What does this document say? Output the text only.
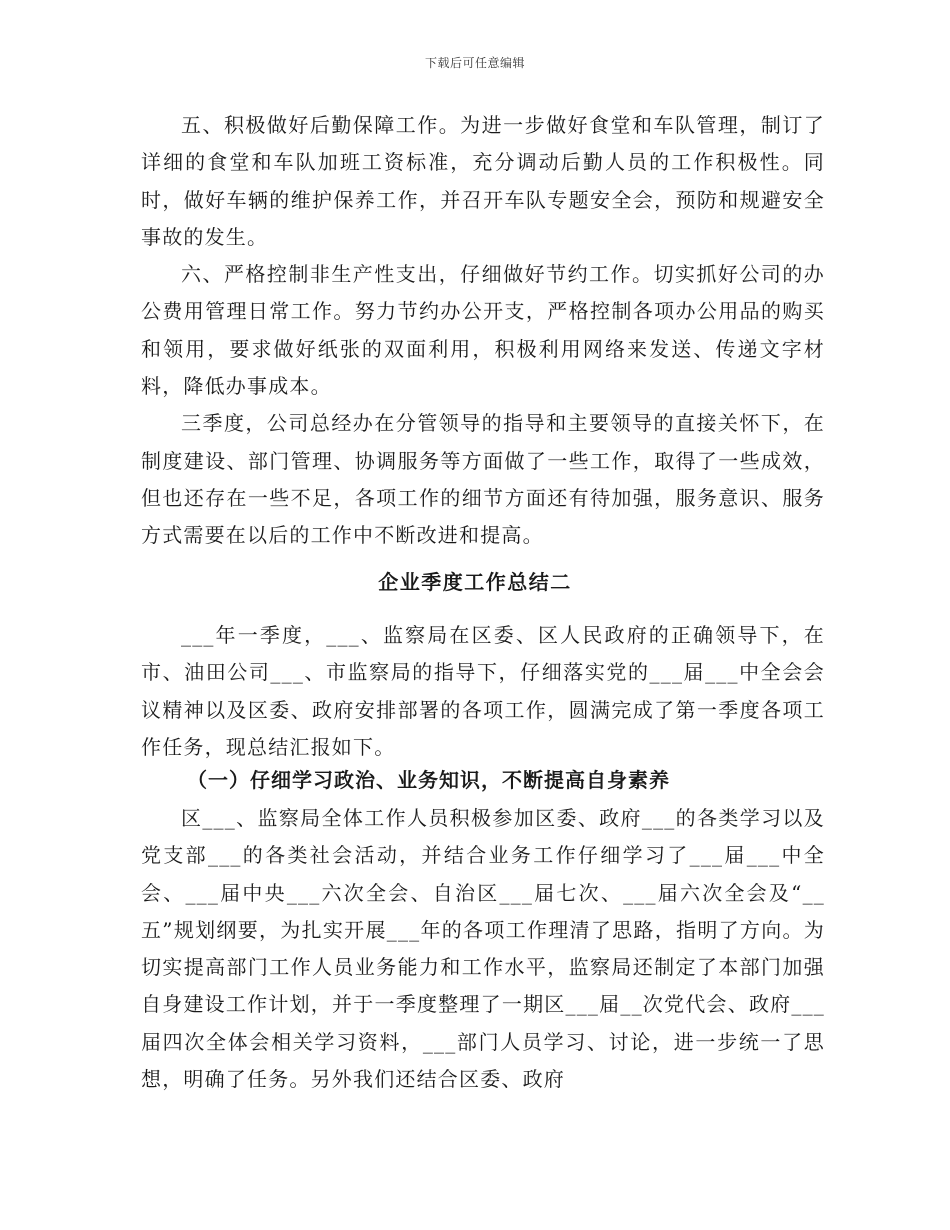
下载后可任意编辑

五、积极做好后勤保障工作。为进一步做好食堂和车队管理，制订了详细的食堂和车队加班工资标准，充分调动后勤人员的工作积极性。同时，做好车辆的维护保养工作，并召开车队专题安全会，预防和规避安全事故的发生。

六、严格控制非生产性支出，仔细做好节约工作。切实抓好公司的办公费用管理日常工作。努力节约办公开支，严格控制各项办公用品的购买和领用，要求做好纸张的双面利用，积极利用网络来发送、传递文字材料，降低办事成本。

三季度，公司总经办在分管领导的指导和主要领导的直接关怀下，在制度建设、部门管理、协调服务等方面做了一些工作，取得了一些成效，但也还存在一些不足，各项工作的细节方面还有待加强，服务意识、服务方式需要在以后的工作中不断改进和提高。

企业季度工作总结二

___年一季度，___、监察局在区委、区人民政府的正确领导下，在市、油田公司___、市监察局的指导下，仔细落实党的___届___中全会会议精神以及区委、政府安排部署的各项工作，圆满完成了第一季度各项工作任务，现总结汇报如下。

（一）仔细学习政治、业务知识，不断提高自身素养

区___、监察局全体工作人员积极参加区委、政府___的各类学习以及党支部___的各类社会活动，并结合业务工作仔细学习了___届___中全会、___届中央___六次全会、自治区___届七次、___届六次全会及“__五”规划纲要，为扎实开展___年的各项工作理清了思路，指明了方向。为切实提高部门工作人员业务能力和工作水平，监察局还制定了本部门加强自身建设工作计划，并于一季度整理了一期区___届__次党代会、政府___届四次全体会相关学习资料，___部门人员学习、讨论，进一步统一了思想，明确了任务。另外我们还结合区委、政府
